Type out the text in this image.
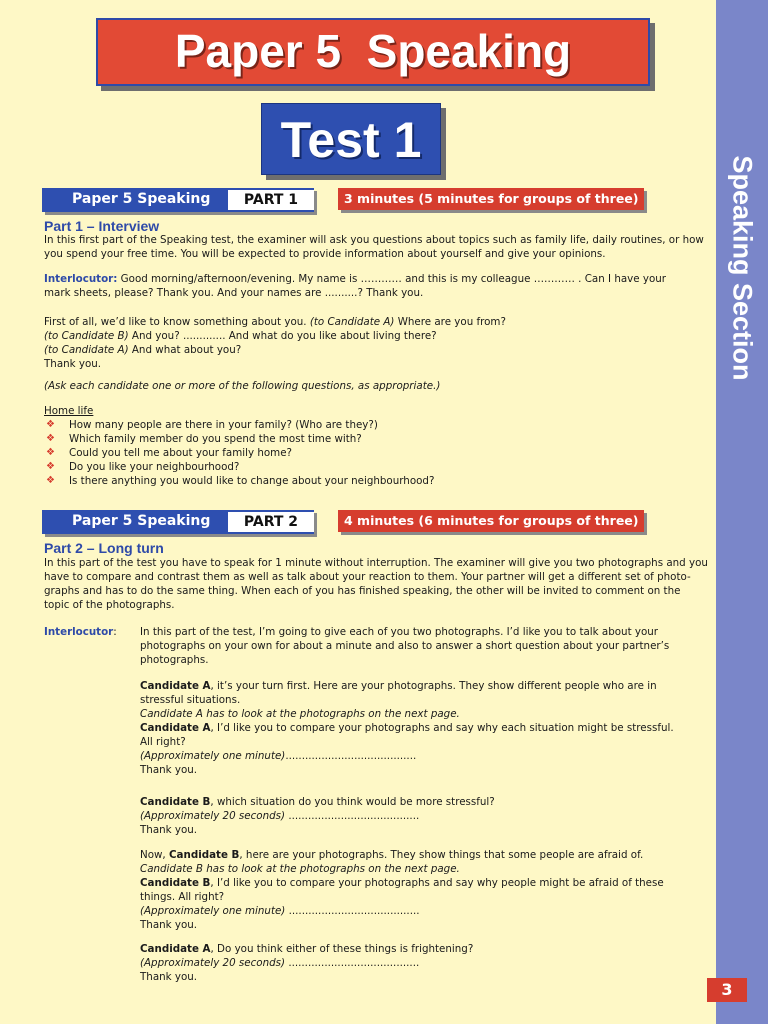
Speaking Section
3
Paper 5  Speaking
Test 1
Paper 5 Speaking	PART 1	3 minutes (5 minutes for groups of three)
Part 1 – Interview
In this first part of the Speaking test, the examiner will ask you questions about topics such as family life, daily routines, or how
you spend your free time. You will be expected to provide information about yourself and give your opinions.
Interlocutor: Good morning/afternoon/evening. My name is ………… and this is my colleague ………… . Can I have your
mark sheets, please? Thank you. And your names are ..........? Thank you.
First of all, we’d like to know something about you. (to Candidate A) Where are you from?
(to Candidate B) And you? ............. And what do you like about living there?
(to Candidate A) And what about you?
Thank you.
(Ask each candidate one or more of the following questions, as appropriate.)
Home life
❖ How many people are there in your family? (Who are they?)
❖ Which family member do you spend the most time with?
❖ Could you tell me about your family home?
❖ Do you like your neighbourhood?
❖ Is there anything you would like to change about your neighbourhood?
Paper 5 Speaking	PART 2	4 minutes (6 minutes for groups of three)
Part 2 – Long turn
In this part of the test you have to speak for 1 minute without interruption. The examiner will give you two photographs and you
have to compare and contrast them as well as talk about your reaction to them. Your partner will get a different set of photo-
graphs and has to do the same thing. When each of you has finished speaking, the other will be invited to comment on the
topic of the photographs.
Interlocutor: In this part of the test, I’m going to give each of you two photographs. I’d like you to talk about your
photographs on your own for about a minute and also to answer a short question about your partner’s
photographs.
Candidate A, it’s your turn first. Here are your photographs. They show different people who are in
stressful situations.
Candidate A has to look at the photographs on the next page.
Candidate A, I’d like you to compare your photographs and say why each situation might be stressful.
All right?
(Approximately one minute)........................................
Thank you.
Candidate B, which situation do you think would be more stressful?
(Approximately 20 seconds) ........................................
Thank you.
Now, Candidate B, here are your photographs. They show things that some people are afraid of.
Candidate B has to look at the photographs on the next page.
Candidate B, I’d like you to compare your photographs and say why people might be afraid of these
things. All right?
(Approximately one minute) ........................................
Thank you.
Candidate A, Do you think either of these things is frightening?
(Approximately 20 seconds) ........................................
Thank you.
